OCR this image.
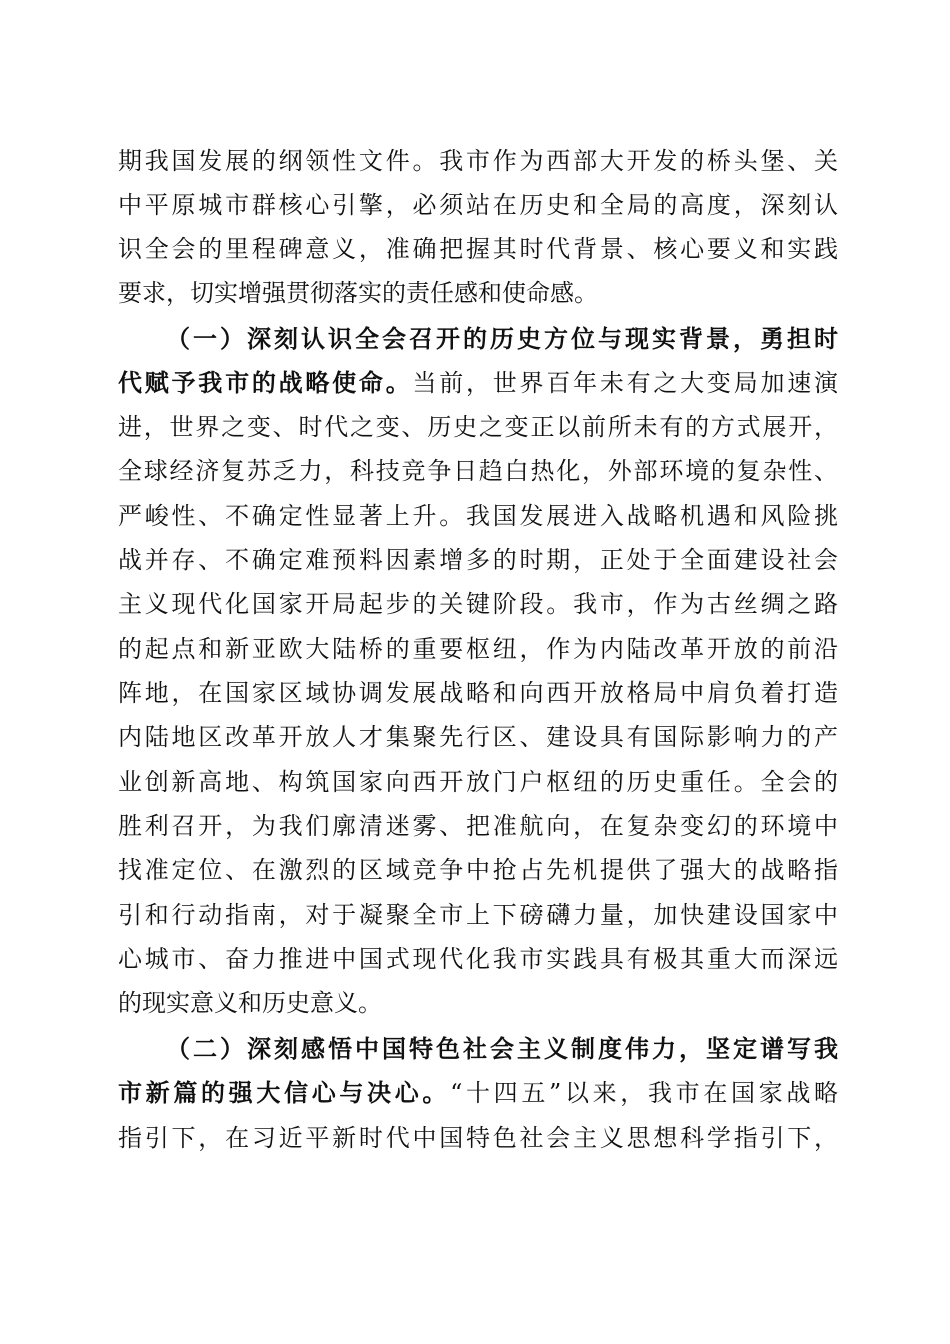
期我国发展的纲领性文件。我市作为西部大开发的桥头堡、关
中平原城市群核心引擎，必须站在历史和全局的高度，深刻认
识全会的里程碑意义，准确把握其时代背景、核心要义和实践
要求，切实增强贯彻落实的责任感和使命感。
（一）深刻认识全会召开的历史方位与现实背景，勇担时
代赋予我市的战略使命。当前，世界百年未有之大变局加速演
进，世界之变、时代之变、历史之变正以前所未有的方式展开，
全球经济复苏乏力，科技竞争日趋白热化，外部环境的复杂性、
严峻性、不确定性显著上升。我国发展进入战略机遇和风险挑
战并存、不确定难预料因素增多的时期，正处于全面建设社会
主义现代化国家开局起步的关键阶段。我市，作为古丝绸之路
的起点和新亚欧大陆桥的重要枢纽，作为内陆改革开放的前沿
阵地，在国家区域协调发展战略和向西开放格局中肩负着打造
内陆地区改革开放人才集聚先行区、建设具有国际影响力的产
业创新高地、构筑国家向西开放门户枢纽的历史重任。全会的
胜利召开，为我们廓清迷雾、把准航向，在复杂变幻的环境中
找准定位、在激烈的区域竞争中抢占先机提供了强大的战略指
引和行动指南，对于凝聚全市上下磅礴力量，加快建设国家中
心城市、奋力推进中国式现代化我市实践具有极其重大而深远
的现实意义和历史意义。
（二）深刻感悟中国特色社会主义制度伟力，坚定谱写我
市新篇的强大信心与决心。“十四五”以来，我市在国家战略
指引下，在习近平新时代中国特色社会主义思想科学指引下，
